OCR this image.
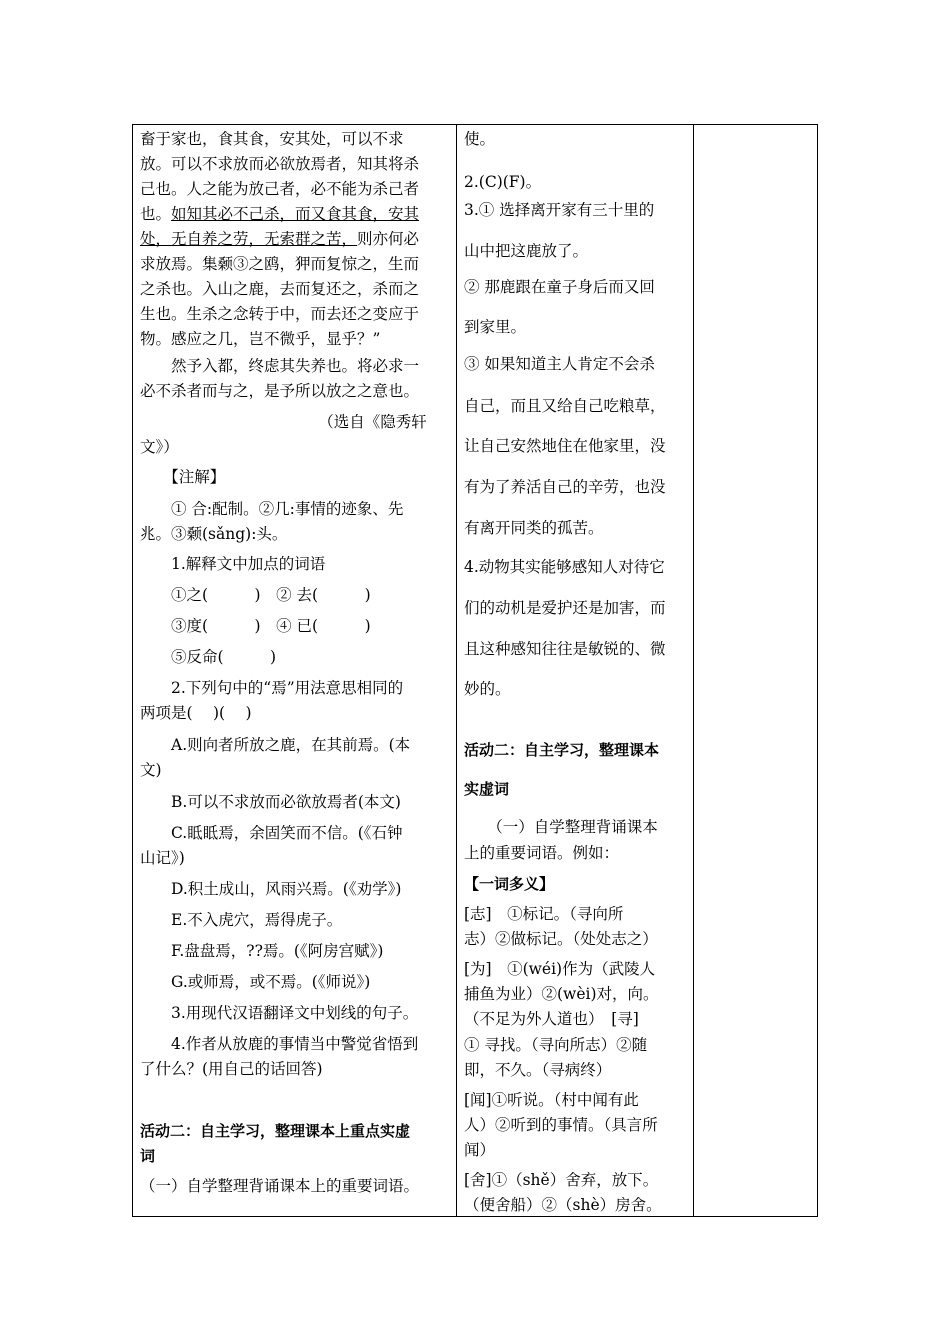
畜于家也，食其食，安其处，可以不求
放。可以不求放而必欲放焉者，知其将杀
己也。人之能为放己者，必不能为杀己者
也。如知其必不己杀，而又食其食，安其
处，无自养之劳，无索群之苦，则亦何必
求放焉。集颡③之鸥，狎而复惊之，生而
之杀也。入山之鹿，去而复还之，杀而之
生也。生杀之念转于中，而去还之变应于
物。感应之几，岂不微乎，显乎？”
　　然予入都，终虑其失养也。将必求一
必不杀者而与之，是予所以放之之意也。
　　　　　　　　　　　　（选自《隐秀轩
文》）
　　【注解】
　　① 合:配制。②几:事情的迹象、先
兆。③颡(sǎng):头。
　　1.解释文中加点的词语
　　①之(　　　)　② 去(　　　)
　　③度(　　　)　④ 已(　　　)
　　⑤反命(　　　)
　　2.下列句中的“焉”用法意思相同的
两项是(　 )(　 )
　　A.则向者所放之鹿，在其前焉。(本
文)
　　B.可以不求放而必欲放焉者(本文)
　　C.眡眡焉，余固笑而不信。(《石钟
山记》)
　　D.积土成山，风雨兴焉。(《劝学》)
　　E.不入虎穴，焉得虎子。
　　F.盘盘焉，??焉。(《阿房宫赋》)
　　G.或师焉，或不焉。(《师说》)
　　3.用现代汉语翻译文中划线的句子。
　　4.作者从放鹿的事情当中警觉省悟到
了什么？(用自己的话回答)
活动二：自主学习，整理课本上重点实虚
词
（一）自学整理背诵课本上的重要词语。
使。
2.(C)(F)。
3.① 选择离开家有三十里的
山中把这鹿放了。
② 那鹿跟在童子身后而又回
到家里。
③ 如果知道主人肯定不会杀
自己，而且又给自己吃粮草，
让自己安然地住在他家里，没
有为了养活自己的辛劳，也没
有离开同类的孤苦。
4.动物其实能够感知人对待它
们的动机是爱护还是加害，而
且这种感知往往是敏锐的、微
妙的。
活动二：自主学习，整理课本
实虚词
　　（一）自学整理背诵课本
上的重要词语。例如：
【一词多义】
[志]　①标记。（寻向所
志）②做标记。（处处志之）
[为]　①(wéi)作为（武陵人
捕鱼为业）②(wèi)对，向。
（不足为外人道也）　[寻]
① 寻找。（寻向所志）②随
即，不久。（寻病终）
[闻]①听说。（村中闻有此
人）②听到的事情。（具言所
闻）
[舍]①（shě）舍弃，放下。
（便舍船）②（shè）房舍。
